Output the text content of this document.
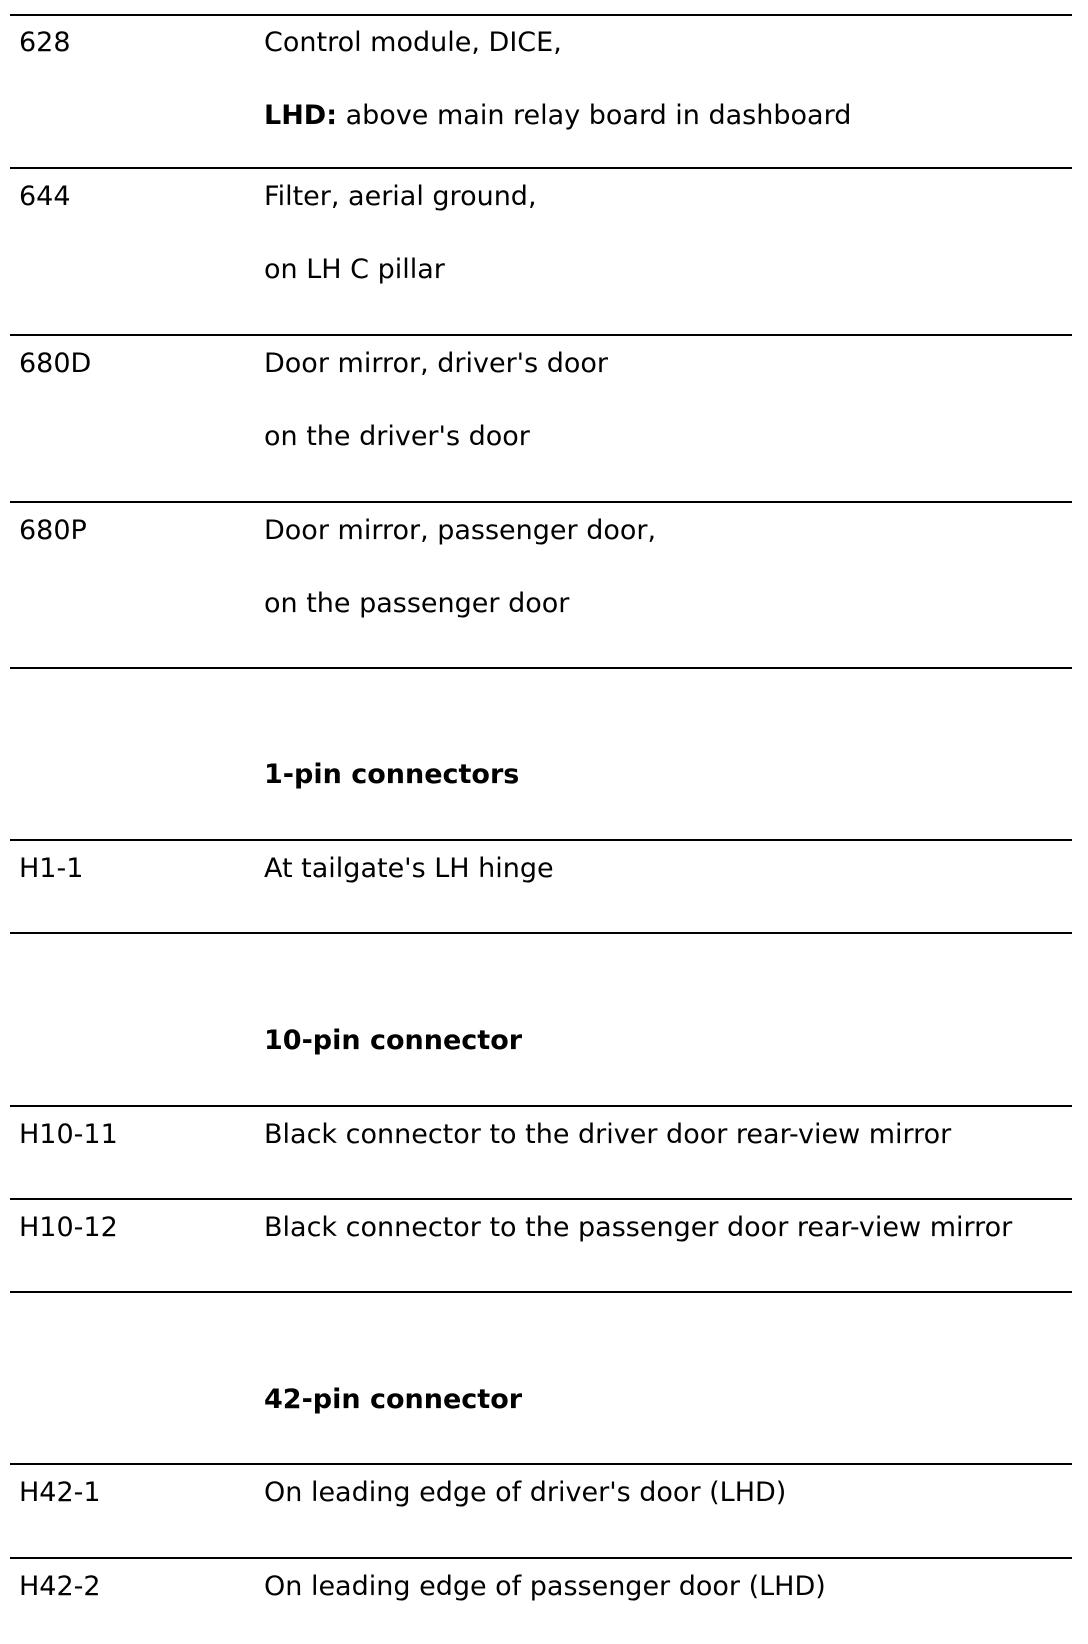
628	Control module, DICE,
LHD: above main relay board in dashboard
644	Filter, aerial ground,
on LH C pillar
680D	Door mirror, driver's door
on the driver's door
680P	Door mirror, passenger door,
on the passenger door
1-pin connectors
H1-1	At tailgate's LH hinge
10-pin connector
H10-11	Black connector to the driver door rear-view mirror
H10-12	Black connector to the passenger door rear-view mirror
42-pin connector
H42-1	On leading edge of driver's door (LHD)
H42-2	On leading edge of passenger door (LHD)
